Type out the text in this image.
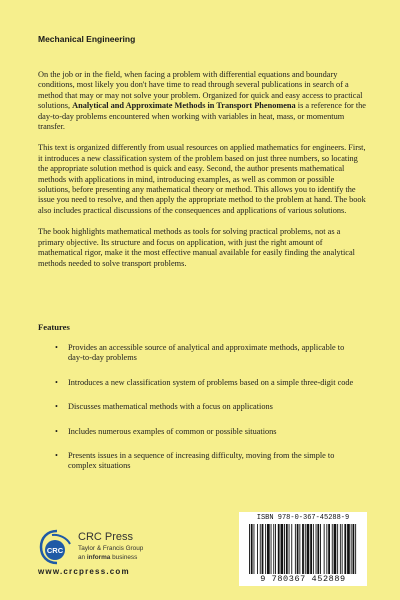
Mechanical Engineering

On the job or in the field, when facing a problem with differential equations and boundary conditions, most likely you don't have time to read through several publications in search of a method that may or may not solve your problem. Organized for quick and easy access to practical solutions, Analytical and Approximate Methods in Transport Phenomena is a reference for the day-to-day problems encountered when working with variables in heat, mass, or momentum transfer.

This text is organized differently from usual resources on applied mathematics for engineers. First, it introduces a new classification system of the problem based on just three numbers, so locating the appropriate solution method is quick and easy. Second, the author presents mathematical methods with applications in mind, introducing examples, as well as common or possible solutions, before presenting any mathematical theory or method. This allows you to identify the issue you need to resolve, and then apply the appropriate method to the problem at hand. The book also includes practical discussions of the consequences and applications of various solutions.

The book highlights mathematical methods as tools for solving practical problems, not as a primary objective. Its structure and focus on application, with just the right amount of mathematical rigor, make it the most effective manual available for easily finding the analytical methods needed to solve transport problems.

Features
• Provides an accessible source of analytical and approximate methods, applicable to day-to-day problems
• Introduces a new classification system of problems based on a simple three-digit code
• Discusses mathematical methods with a focus on applications
• Includes numerous examples of common or possible situations
• Presents issues in a sequence of increasing difficulty, moving from the simple to complex situations
CRC
CRC Press
Taylor & Francis Group
an informa business
www.crcpress.com
ISBN 978-0-367-45288-9
9 780367 452889
